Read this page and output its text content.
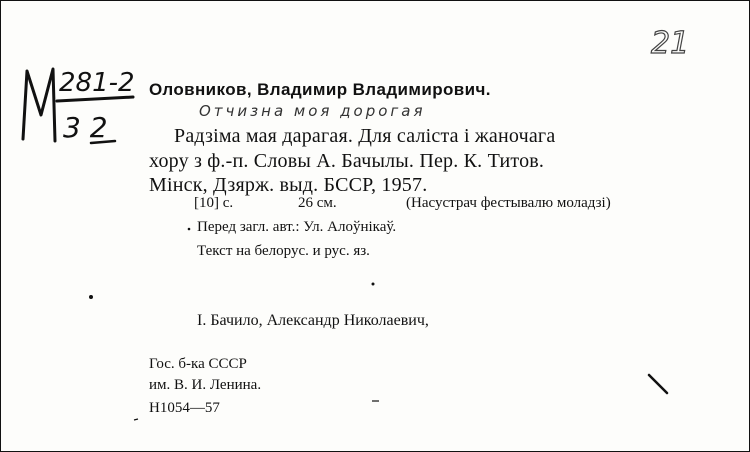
281-2
3 2
21
Оловников, Владимир Владимирович.
Отчизна моя дорогая
Радзіма мая дарагая. Для саліста і жаночага
хору з ф.-п. Словы А. Бачылы. Пер. К. Титов.
Мінск, Дзярж. выд. БССР, 1957.
[10] с.	26 см.	(Насустрач фестывалю моладзі)
Перед загл. авт.: Ул. Алоўнікаў.
Текст на белорус. и рус. яз.
I. Бачило, Александр Николаевич,
Гос. б-ка СССР
им. В. И. Ленина.
Н1054—57
